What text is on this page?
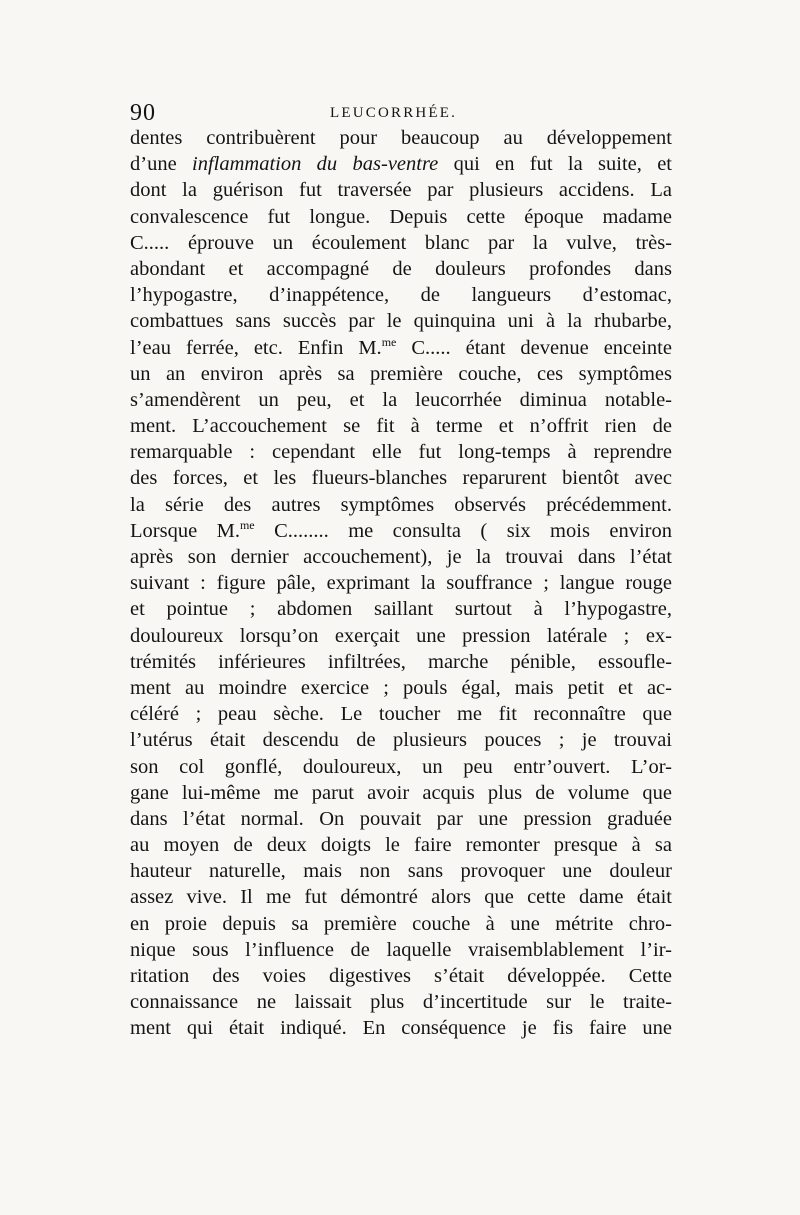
90	LEUCORRHÉE.
dentes contribuèrent pour beaucoup au développement
d’une inflammation du bas-ventre qui en fut la suite, et
dont la guérison fut traversée par plusieurs accidens. La
convalescence fut longue. Depuis cette époque madame
C..... éprouve un écoulement blanc par la vulve, très-
abondant et accompagné de douleurs profondes dans
l’hypogastre, d’inappétence, de langueurs d’estomac,
combattues sans succès par le quinquina uni à la rhubarbe,
l’eau ferrée, etc. Enfin M.$^{me}$ C..... étant devenue enceinte
un an environ après sa première couche, ces symptômes
s’amendèrent un peu, et la leucorrhée diminua notable-
ment. L’accouchement se fit à terme et n’offrit rien de
remarquable : cependant elle fut long-temps à reprendre
des forces, et les flueurs-blanches reparurent bientôt avec
la série des autres symptômes observés précédemment.
Lorsque M.$^{me}$ C........ me consulta ( six mois environ
après son dernier accouchement), je la trouvai dans l’état
suivant : figure pâle, exprimant la souffrance ; langue rouge
et pointue ; abdomen saillant surtout à l’hypogastre,
douloureux lorsqu’on exerçait une pression latérale ; ex-
trémités inférieures infiltrées, marche pénible, essoufle-
ment au moindre exercice ; pouls égal, mais petit et ac-
céléré ; peau sèche. Le toucher me fit reconnaître que
l’utérus était descendu de plusieurs pouces ; je trouvai
son col gonflé, douloureux, un peu entr’ouvert. L’or-
gane lui-même me parut avoir acquis plus de volume que
dans l’état normal. On pouvait par une pression graduée
au moyen de deux doigts le faire remonter presque à sa
hauteur naturelle, mais non sans provoquer une douleur
assez vive. Il me fut démontré alors que cette dame était
en proie depuis sa première couche à une métrite chro-
nique sous l’influence de laquelle vraisemblablement l’ir-
ritation des voies digestives s’était développée. Cette
connaissance ne laissait plus d’incertitude sur le traite-
ment qui était indiqué. En conséquence je fis faire une
